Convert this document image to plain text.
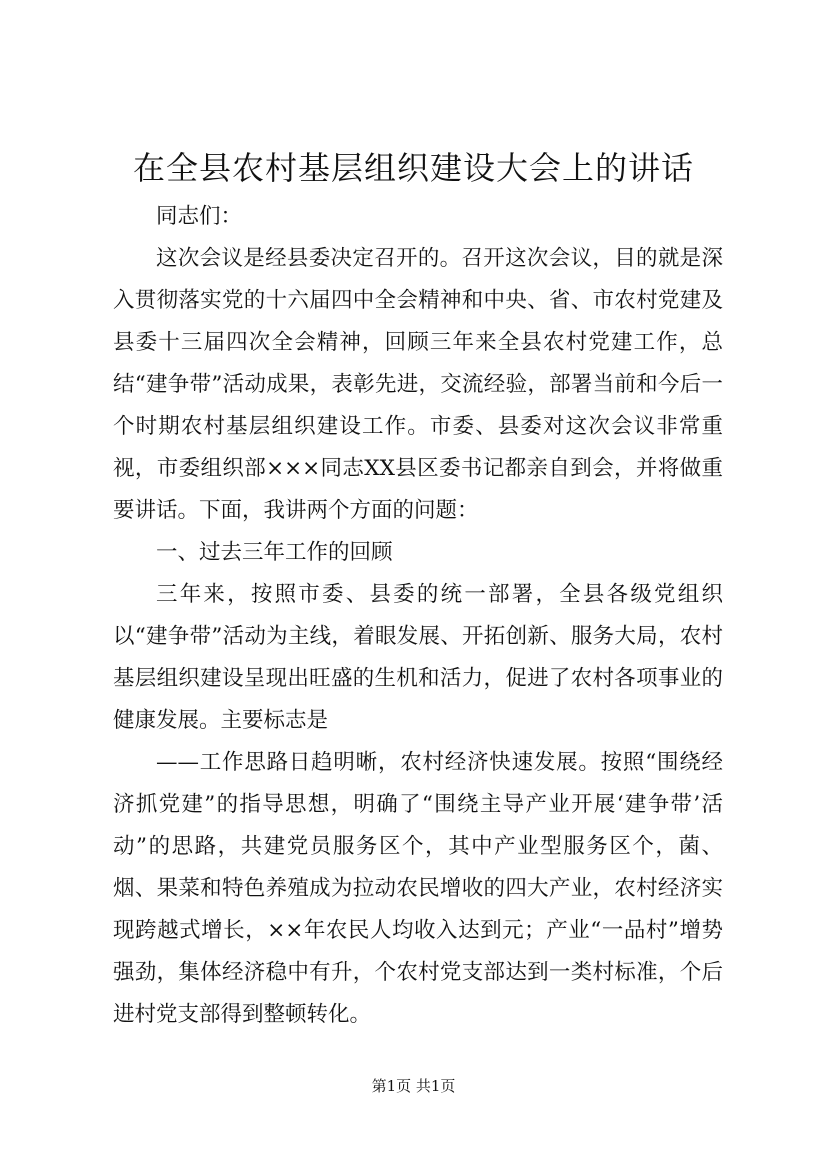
在全县农村基层组织建设大会上的讲话

同志们：

这次会议是经县委决定召开的。召开这次会议，目的就是深入贯彻落实党的十六届四中全会精神和中央、省、市农村党建及县委十三届四次全会精神，回顾三年来全县农村党建工作，总结“建争带”活动成果，表彰先进，交流经验，部署当前和今后一个时期农村基层组织建设工作。市委、县委对这次会议非常重视，市委组织部×××同志XX县区委书记都亲自到会，并将做重要讲话。下面，我讲两个方面的问题：

一、过去三年工作的回顾

三年来，按照市委、县委的统一部署，全县各级党组织以“建争带”活动为主线，着眼发展、开拓创新、服务大局，农村基层组织建设呈现出旺盛的生机和活力，促进了农村各项事业的健康发展。主要标志是

——工作思路日趋明晰，农村经济快速发展。按照“围绕经济抓党建”的指导思想，明确了“围绕主导产业开展‘建争带’活动”的思路，共建党员服务区个，其中产业型服务区个，菌、烟、果菜和特色养殖成为拉动农民增收的四大产业，农村经济实现跨越式增长，××年农民人均收入达到元；产业“一品村”增势强劲，集体经济稳中有升，个农村党支部达到一类村标准，个后进村党支部得到整顿转化。

第1页 共1页
